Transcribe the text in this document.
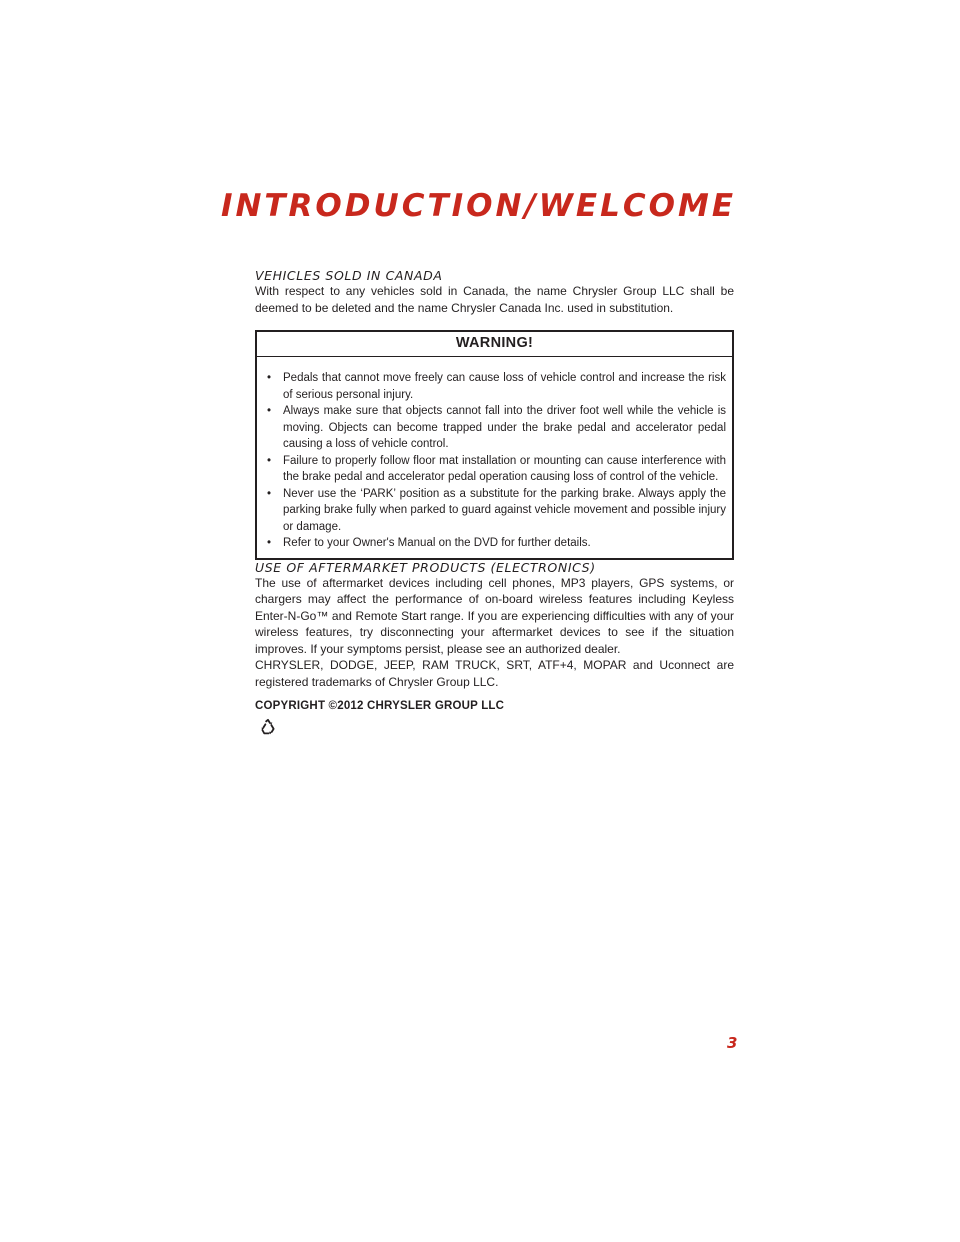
INTRODUCTION/WELCOME
VEHICLES SOLD IN CANADA

With respect to any vehicles sold in Canada, the name Chrysler Group LLC shall be deemed to be deleted and the name Chrysler Canada Inc. used in substitution.

WARNING!
• Pedals that cannot move freely can cause loss of vehicle control and increase the risk of serious personal injury.
• Always make sure that objects cannot fall into the driver foot well while the vehicle is moving. Objects can become trapped under the brake pedal and accelerator pedal causing a loss of vehicle control.
• Failure to properly follow floor mat installation or mounting can cause interference with the brake pedal and accelerator pedal operation causing loss of control of the vehicle.
• Never use the ‘PARK’ position as a substitute for the parking brake. Always apply the parking brake fully when parked to guard against vehicle movement and possible injury or damage.
• Refer to your Owner's Manual on the DVD for further details.
USE OF AFTERMARKET PRODUCTS (ELECTRONICS)

The use of aftermarket devices including cell phones, MP3 players, GPS systems, or chargers may affect the performance of on-board wireless features including Keyless Enter-N-Go™ and Remote Start range. If you are experiencing difficulties with any of your wireless features, try disconnecting your aftermarket devices to see if the situation improves. If your symptoms persist, please see an authorized dealer.

CHRYSLER, DODGE, JEEP, RAM TRUCK, SRT, ATF+4, MOPAR and Uconnect are registered trademarks of Chrysler Group LLC.

COPYRIGHT ©2012 CHRYSLER GROUP LLC
3
